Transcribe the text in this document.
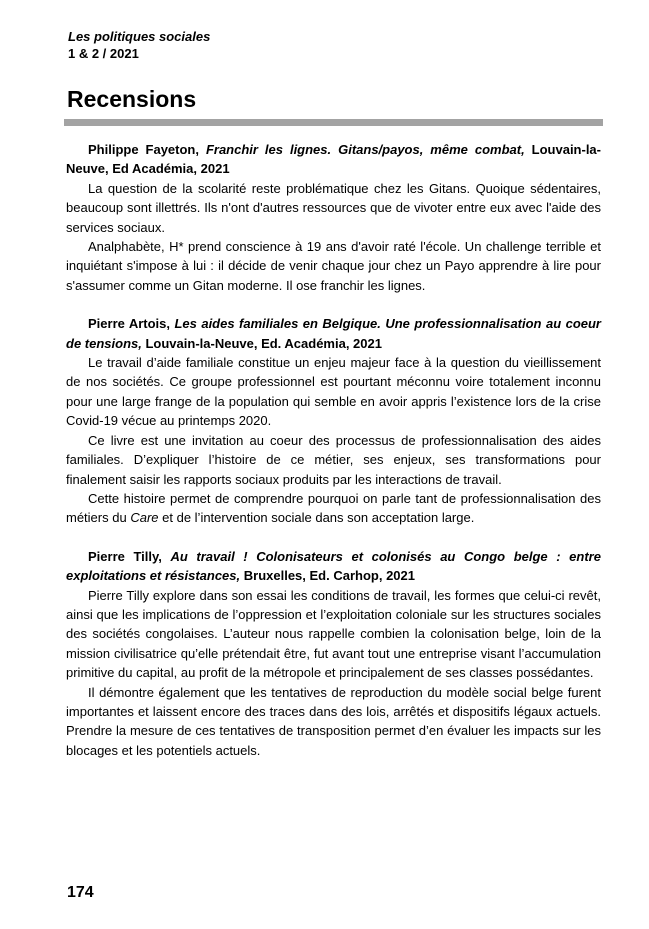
Les politiques sociales
1 & 2 / 2021
Recensions

Philippe Fayeton, Franchir les lignes. Gitans/payos, même combat, Louvain-la-Neuve, Ed Académia, 2021

La question de la scolarité reste problématique chez les Gitans. Quoique sédentaires, beaucoup sont illettrés. Ils n'ont d'autres ressources que de vivoter entre eux avec l'aide des services sociaux.

Analphabète, H* prend conscience à 19 ans d'avoir raté l'école. Un challenge terrible et inquiétant s'impose à lui : il décide de venir chaque jour chez un Payo apprendre à lire pour s'assumer comme un Gitan moderne. Il ose franchir les lignes.

Pierre Artois, Les aides familiales en Belgique. Une professionnalisation au coeur de tensions, Louvain-la-Neuve, Ed. Académia, 2021

Le travail d’aide familiale constitue un enjeu majeur face à la question du vieillissement de nos sociétés. Ce groupe professionnel est pourtant méconnu voire totalement inconnu pour une large frange de la population qui semble en avoir appris l’existence lors de la crise Covid-19 vécue au printemps 2020.

Ce livre est une invitation au coeur des processus de professionnalisation des aides familiales. D’expliquer l’histoire de ce métier, ses enjeux, ses transformations pour finalement saisir les rapports sociaux produits par les interactions de travail.

Cette histoire permet de comprendre pourquoi on parle tant de professionnalisation des métiers du Care et de l’intervention sociale dans son acceptation large.

Pierre Tilly, Au travail ! Colonisateurs et colonisés au Congo belge : entre exploitations et résistances, Bruxelles, Ed. Carhop, 2021

Pierre Tilly explore dans son essai les conditions de travail, les formes que celui-ci revêt, ainsi que les implications de l’oppression et l’exploitation coloniale sur les structures sociales des sociétés congolaises. L’auteur nous rappelle combien la colonisation belge, loin de la mission civilisatrice qu’elle prétendait être, fut avant tout une entreprise visant l’accumulation primitive du capital, au profit de la métropole et principalement de ses classes possédantes.

Il démontre également que les tentatives de reproduction du modèle social belge furent importantes et laissent encore des traces dans des lois, arrêtés et dispositifs légaux actuels. Prendre la mesure de ces tentatives de transposition permet d’en évaluer les impacts sur les blocages et les potentiels actuels.

174
